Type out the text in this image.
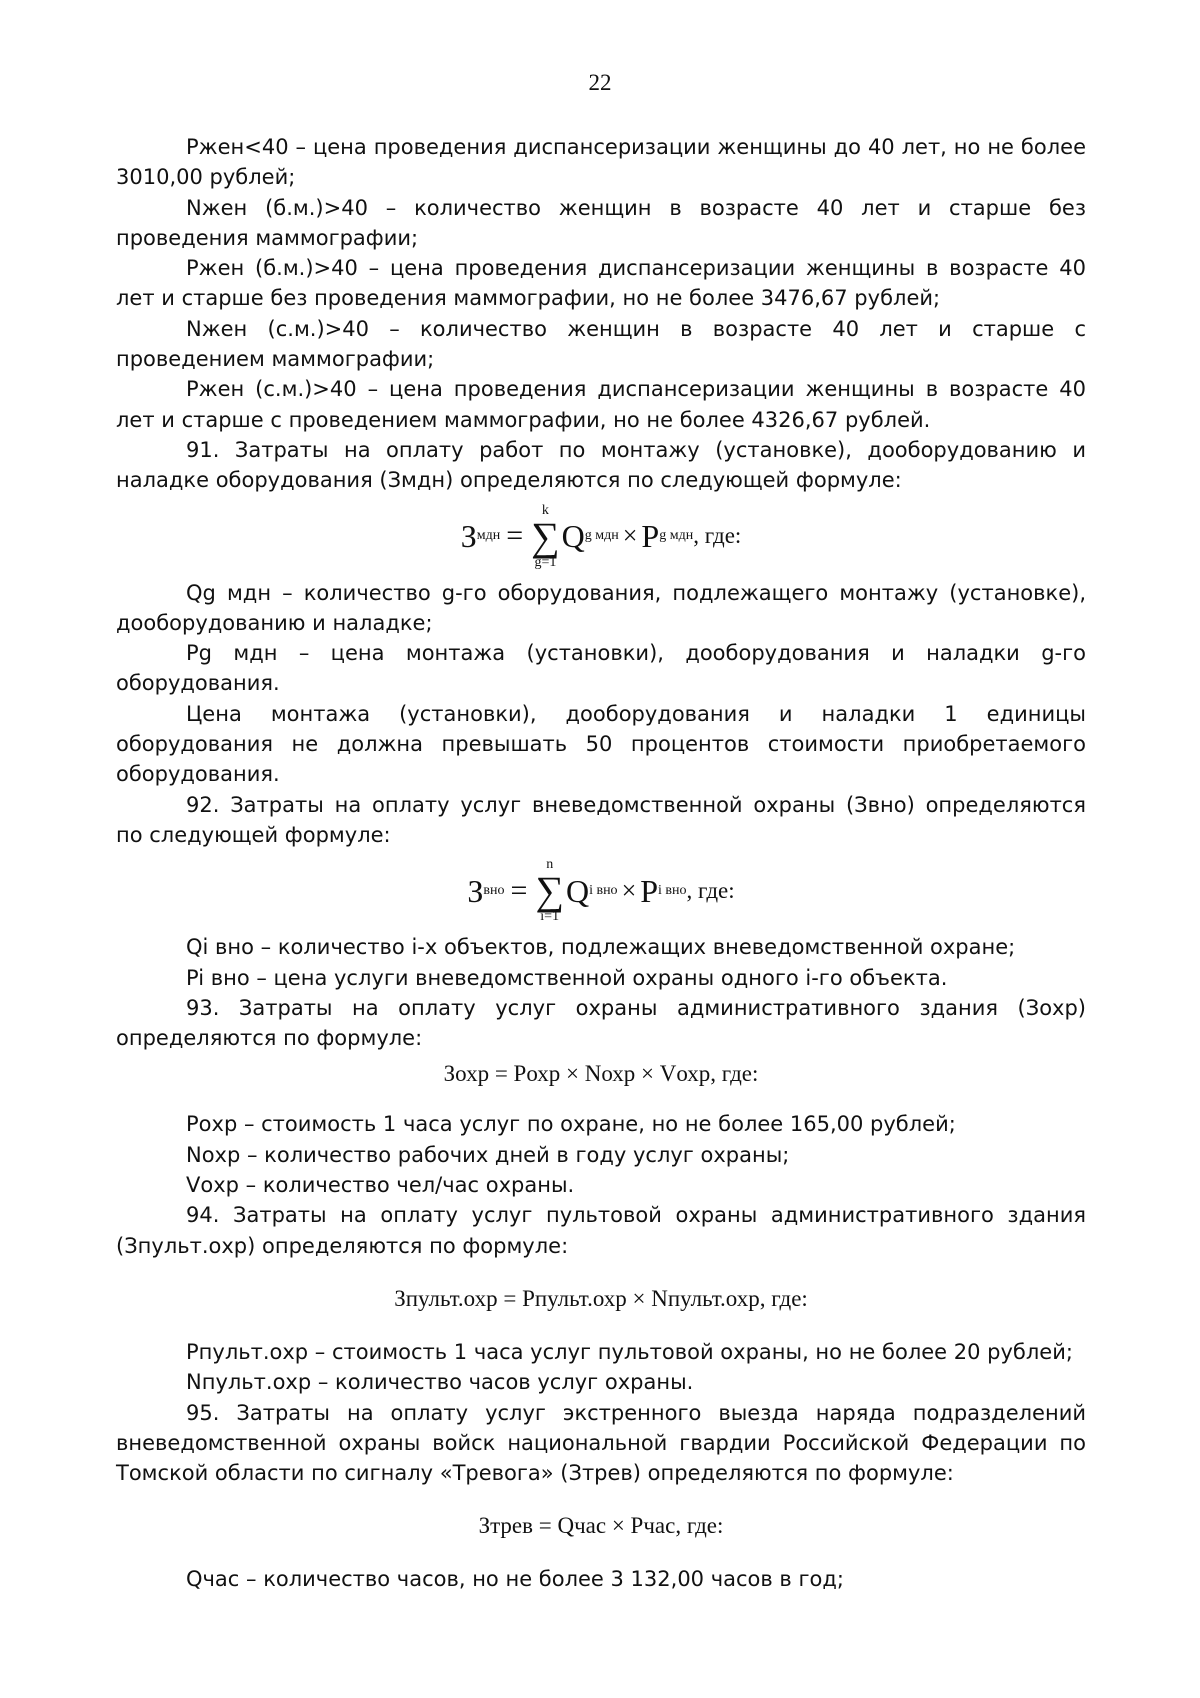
22

Pжен<40 – цена проведения диспансеризации женщины до 40 лет, но не более 3010,00 рублей;

Nжен (б.м.)>40 – количество женщин в возрасте 40 лет и старше без проведения маммографии;

Pжен (б.м.)>40 – цена проведения диспансеризации женщины в возрасте 40 лет и старше без проведения маммографии, но не более 3476,67 рублей;

Nжен (с.м.)>40 – количество женщин в возрасте 40 лет и старше с проведением маммографии;

Pжен (с.м.)>40 – цена проведения диспансеризации женщины в возрасте 40 лет и старше с проведением маммографии, но не более 4326,67 рублей.

91. Затраты на оплату работ по монтажу (установке), дооборудованию и наладке оборудования (Змдн) определяются по следующей формуле:

З мдн =
k
∑
g=1
Q g мдн × P g мдн , где:

Qg мдн – количество g-го оборудования, подлежащего монтажу (установке), дооборудованию и наладке;

Pg мдн – цена монтажа (установки), дооборудования и наладки g-го оборудования.

Цена монтажа (установки), дооборудования и наладки 1 единицы оборудования не должна превышать 50 процентов стоимости приобретаемого оборудования.

92. Затраты на оплату услуг вневедомственной охраны (Звно) определяются по следующей формуле:

З вно =
n
∑
i=1
Q i вно × P i вно , где:

Qi вно – количество i-х объектов, подлежащих вневедомственной охране;

Pi вно – цена услуги вневедомственной охраны одного i-го объекта.

93. Затраты на оплату услуг охраны административного здания (Зохр) определяются по формуле:

Зохр = Pохр × Nохр × Vохр, где:

Pохр – стоимость 1 часа услуг по охране, но не более 165,00 рублей;

Nохр – количество рабочих дней в году услуг охраны;

Vохр – количество чел/час охраны.

94. Затраты на оплату услуг пультовой охраны административного здания (Зпульт.охр) определяются по формуле:

Зпульт.охр = Pпульт.охр × Nпульт.охр, где:

Pпульт.охр – стоимость 1 часа услуг пультовой охраны, но не более 20 рублей;

Nпульт.охр – количество часов услуг охраны.

95. Затраты на оплату услуг экстренного выезда наряда подразделений вневедомственной охраны войск национальной гвардии Российской Федерации по Томской области по сигналу «Тревога» (Зтрев) определяются по формуле:

Зтрев = Qчас × Pчас, где:

Qчас – количество часов, но не более 3 132,00 часов в год;
